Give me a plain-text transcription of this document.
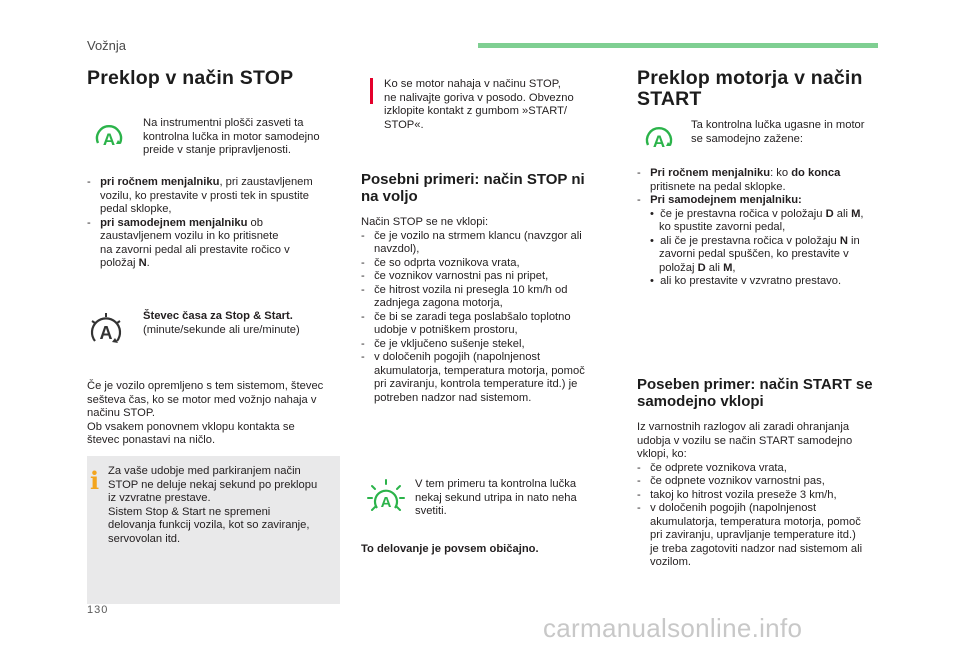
Vožnja
Preklop v način STOP
A
Na instrumentni plošči zasveti ta
kontrolna lučka in motor samodejno
preide v stanje pripravljenosti.
-   pri ročnem menjalniku, pri zaustavljenem
vozilu, ko prestavite v prosti tek in spustite
pedal sklopke,
-   pri samodejnem menjalniku ob
zaustavljenem vozilu in ko pritisnete
na zavorni pedal ali prestavite ročico v
položaj N.
A
Števec časa za Stop & Start.
(minute/sekunde ali ure/minute)
Če je vozilo opremljeno s tem sistemom, števec
seštevа čas, ko se motor med vožnjo nahaja v
načinu STOP.
Ob vsakem ponovnem vklopu kontakta se
števec ponastavi na ničlo.
i Za vaše udobje med parkiranjem način
STOP ne deluje nekaj sekund po preklopu
iz vzvratne prestave.
Sistem Stop & Start ne spremeni
delovanja funkcij vozila, kot so zaviranje,
servovolan itd.
Ko se motor nahaja v načinu STOP,
ne nalivajte goriva v posodo. Obvezno
izklopite kontakt z gumbom »START/
STOP«.
Posebni primeri: način STOP ni
na voljo
Način STOP se ne vklopi:
-   če je vozilo na strmem klancu (navzgor ali
navzdol),
-   če so odprta voznikova vrata,
-   če voznikov varnostni pas ni pripet,
-   če hitrost vozila ni presegla 10 km/h od
zadnjega zagona motorja,
-   če bi se zaradi tega poslabšalo toplotno
udobje v potniškem prostoru,
-   če je vključeno sušenje stekel,
-   v določenih pogojih (napolnjenost
akumulatorja, temperatura motorja, pomoč
pri zaviranju, kontrola temperature itd.) je
potreben nadzor nad sistemom.
A
V tem primeru ta kontrolna lučka
nekaj sekund utripa in nato neha
svetiti.
To delovanje je povsem običajno.
Preklop motorja v način
START
A
Ta kontrolna lučka ugasne in motor
se samodejno zažene:
-   Pri ročnem menjalniku: ko do konca
pritisnete na pedal sklopke.
-   Pri samodejnem menjalniku:
•  če je prestavna ročica v položaju D ali M,
ko spustite zavorni pedal,
•  ali če je prestavna ročica v položaju N in
zavorni pedal spuščen, ko prestavite v
položaj D ali M,
•  ali ko prestavite v vzvratno prestavo.
Poseben primer: način START se
samodejno vklopi
Iz varnostnih razlogov ali zaradi ohranjanja
udobja v vozilu se način START samodejno
vklopi, ko:
-   če odprete voznikova vrata,
-   če odpnete voznikov varnostni pas,
-   takoj ko hitrost vozila preseže 3 km/h,
-   v določenih pogojih (napolnjenost
akumulatorja, temperatura motorja, pomoč
pri zaviranju, upravljanje temperature itd.)
je treba zagotoviti nadzor nad sistemom ali
vozilom.
130
carmanualsonline.info
